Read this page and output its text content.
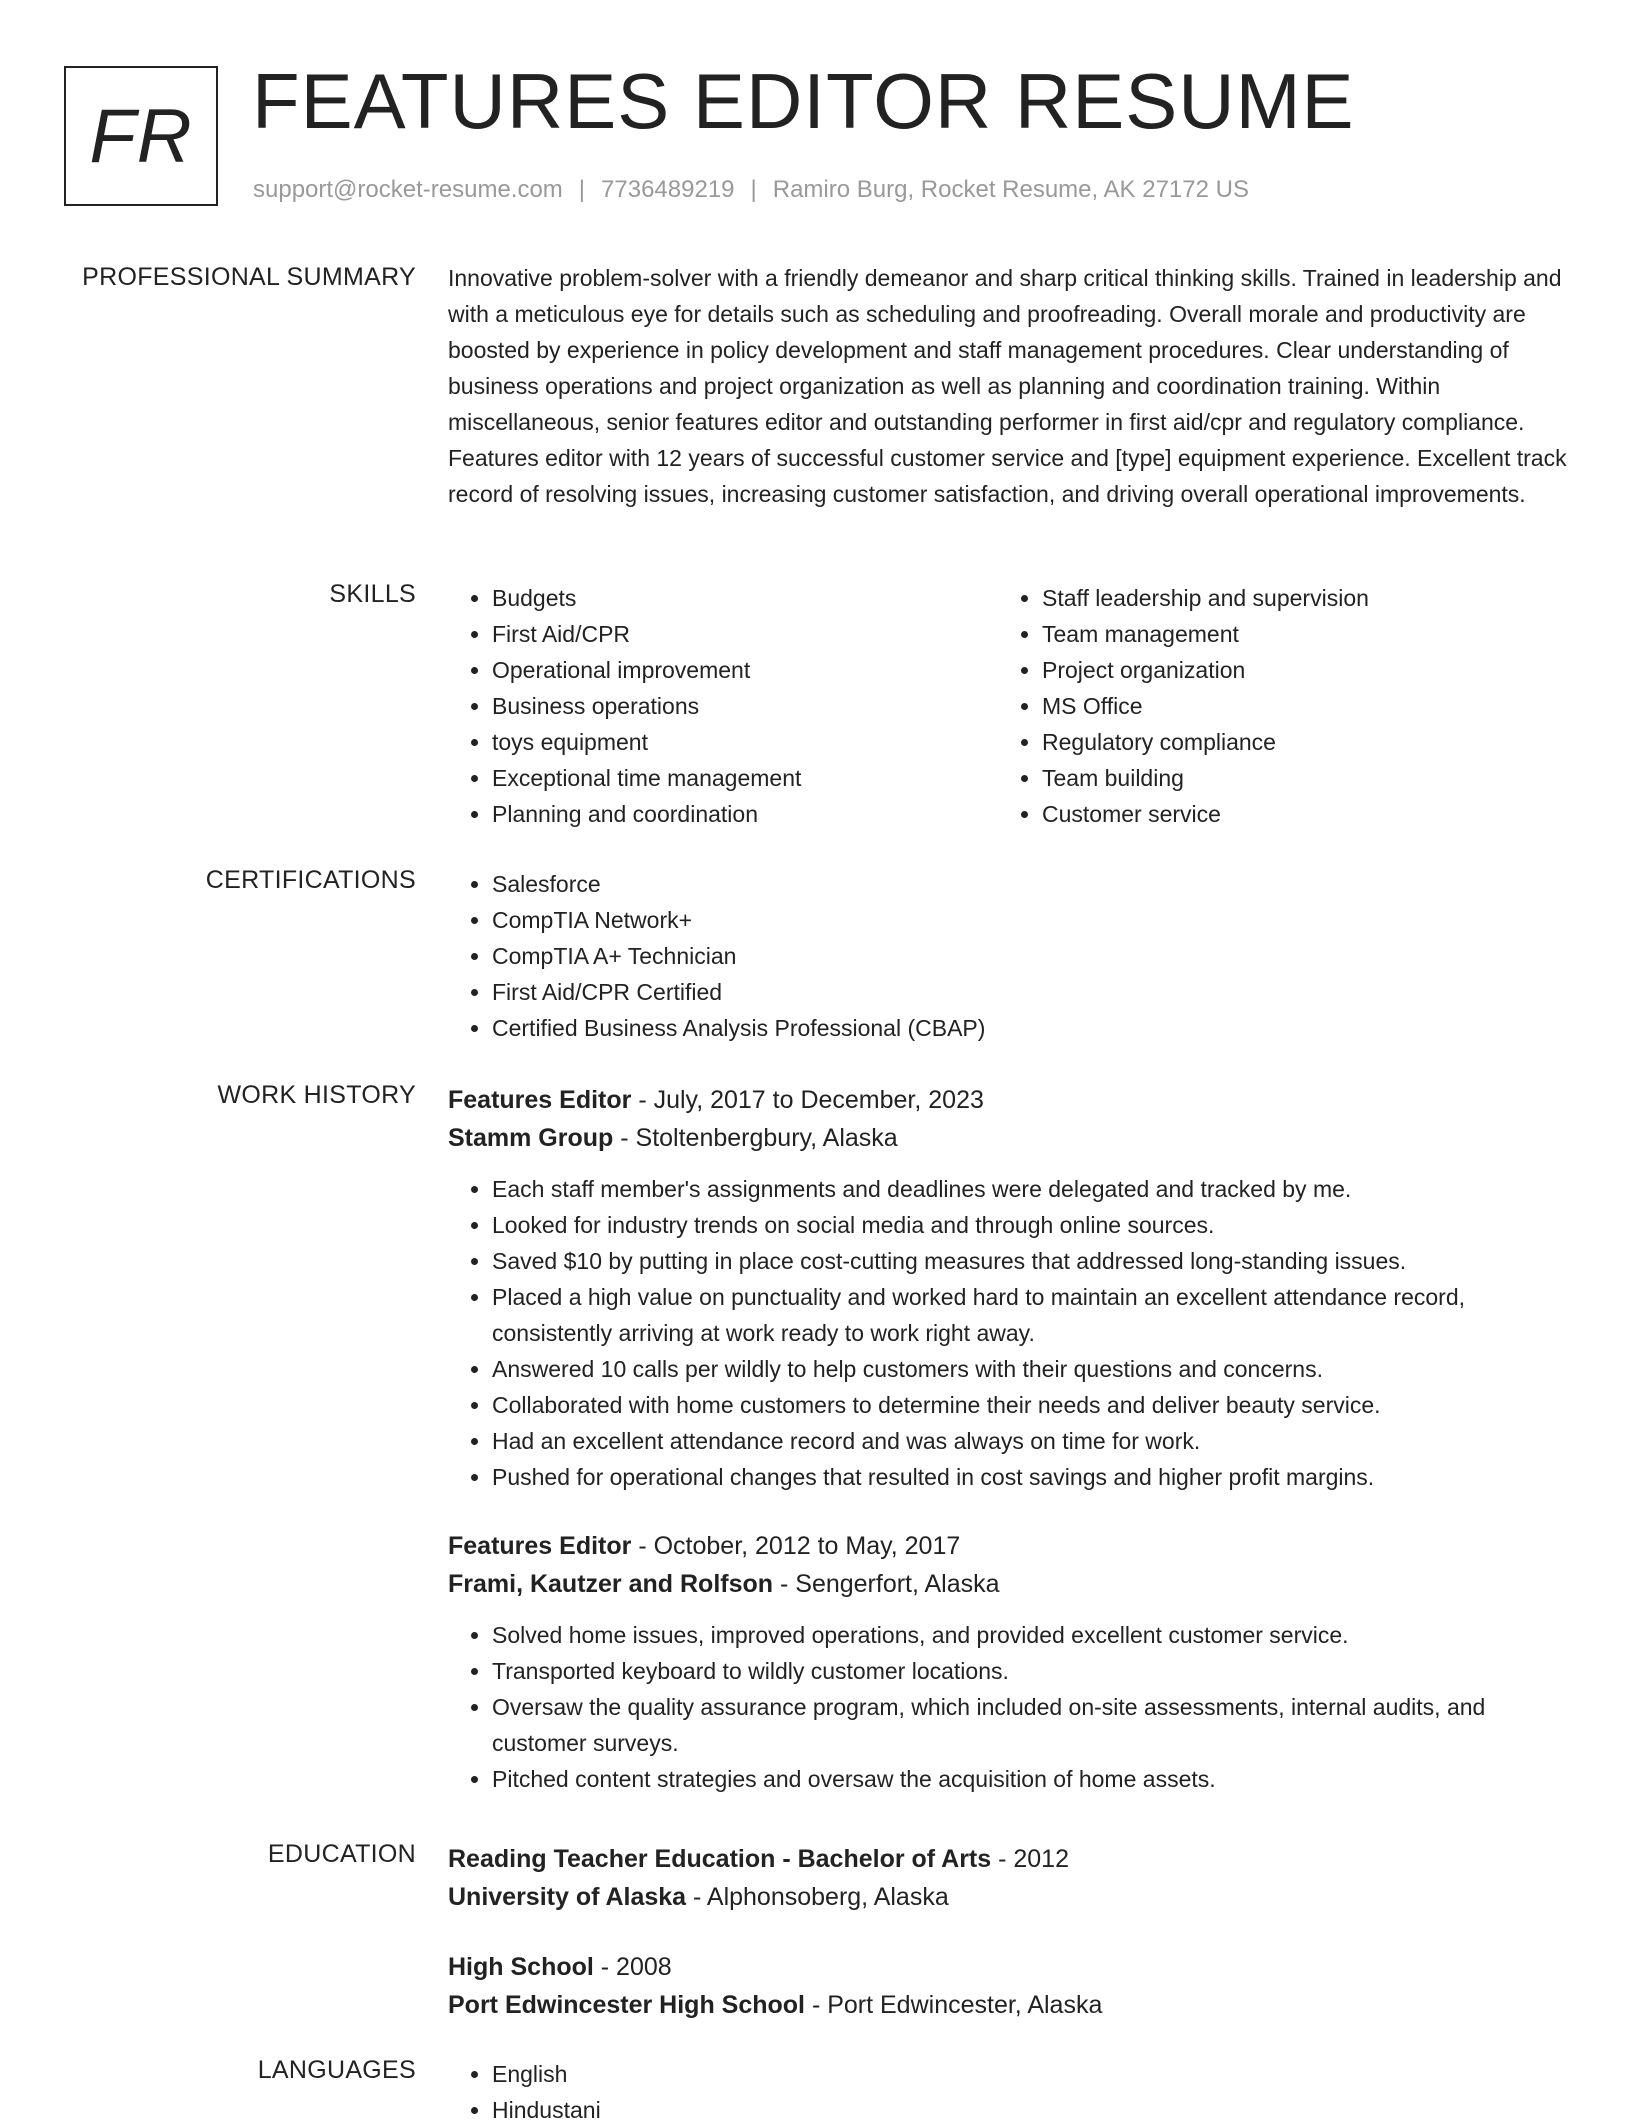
FR FEATURES EDITOR RESUME
support@rocket-resume.com | 7736489219 | Ramiro Burg, Rocket Resume, AK 27172 US
PROFESSIONAL SUMMARY Innovative problem-solver with a friendly demeanor and sharp critical thinking skills. Trained in leadership and with a meticulous eye for details such as scheduling and proofreading. Overall morale and productivity are boosted by experience in policy development and staff management procedures. Clear understanding of business operations and project organization as well as planning and coordination training. Within miscellaneous, senior features editor and outstanding performer in first aid/cpr and regulatory compliance. Features editor with 12 years of successful customer service and [type] equipment experience. Excellent track record of resolving issues, increasing customer satisfaction, and driving overall operational improvements.

SKILLS	• Budgets
• First Aid/CPR
• Operational improvement
• Business operations
• toys equipment
• Exceptional time management
• Planning and coordination
• Staff leadership and supervision
• Team management
• Project organization
• MS Office
• Regulatory compliance
• Team building
• Customer service
CERTIFICATIONS	• Salesforce
• CompTIA Network+
• CompTIA A+ Technician
• First Aid/CPR Certified
• Certified Business Analysis Professional (CBAP)
WORK HISTORY Features Editor - July, 2017 to December, 2023
Stamm Group - Stoltenbergbury, Alaska
• Each staff member's assignments and deadlines were delegated and tracked by me.
• Looked for industry trends on social media and through online sources.
• Saved $10 by putting in place cost-cutting measures that addressed long-standing issues.
• Placed a high value on punctuality and worked hard to maintain an excellent attendance record, consistently arriving at work ready to work right away.
• Answered 10 calls per wildly to help customers with their questions and concerns.
• Collaborated with home customers to determine their needs and deliver beauty service.
• Had an excellent attendance record and was always on time for work.
• Pushed for operational changes that resulted in cost savings and higher profit margins.
Features Editor - October, 2012 to May, 2017
Frami, Kautzer and Rolfson - Sengerfort, Alaska
• Solved home issues, improved operations, and provided excellent customer service.
• Transported keyboard to wildly customer locations.
• Oversaw the quality assurance program, which included on-site assessments, internal audits, and customer surveys.
• Pitched content strategies and oversaw the acquisition of home assets.
EDUCATION Reading Teacher Education - Bachelor of Arts - 2012
University of Alaska - Alphonsoberg, Alaska
High School - 2008
Port Edwincester High School - Port Edwincester, Alaska
LANGUAGES	• English
• Hindustani
